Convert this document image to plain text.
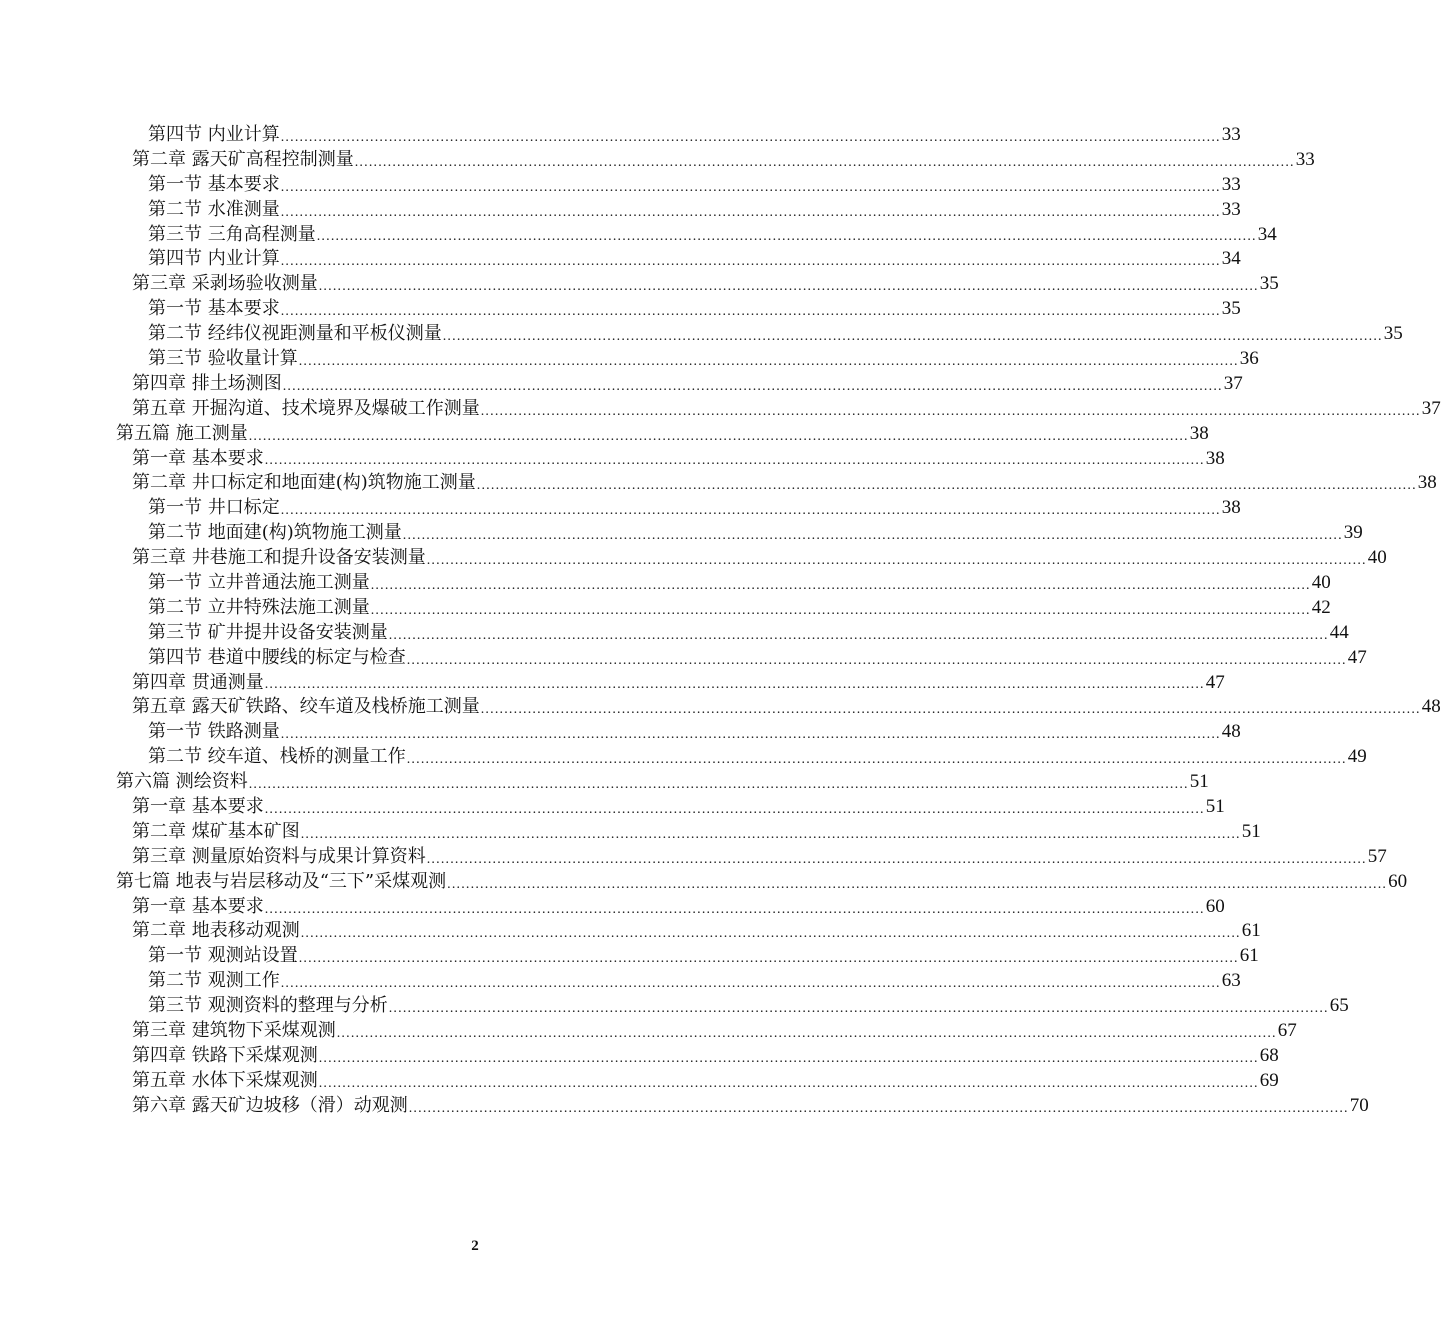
第四节 内业计算 ........................................................................................................................................................................................................ 33
第二章 露天矿高程控制测量 ........................................................................................................................................................................................................ 33
第一节 基本要求 ........................................................................................................................................................................................................ 33
第二节 水准测量 ........................................................................................................................................................................................................ 33
第三节 三角高程测量 ........................................................................................................................................................................................................ 34
第四节 内业计算 ........................................................................................................................................................................................................ 34
第三章 采剥场验收测量 ........................................................................................................................................................................................................ 35
第一节 基本要求 ........................................................................................................................................................................................................ 35
第二节 经纬仪视距测量和平板仪测量 ........................................................................................................................................................................................................ 35
第三节 验收量计算 ........................................................................................................................................................................................................ 36
第四章 排土场测图 ........................................................................................................................................................................................................ 37
第五章 开掘沟道、技术境界及爆破工作测量 ........................................................................................................................................................................................................ 37
第五篇 施工测量 ........................................................................................................................................................................................................ 38
第一章 基本要求 ........................................................................................................................................................................................................ 38
第二章 井口标定和地面建(构)筑物施工测量 ........................................................................................................................................................................................................ 38
第一节 井口标定 ........................................................................................................................................................................................................ 38
第二节 地面建(构)筑物施工测量 ........................................................................................................................................................................................................ 39
第三章 井巷施工和提升设备安装测量 ........................................................................................................................................................................................................ 40
第一节 立井普通法施工测量 ........................................................................................................................................................................................................ 40
第二节 立井特殊法施工测量 ........................................................................................................................................................................................................ 42
第三节 矿井提井设备安装测量 ........................................................................................................................................................................................................ 44
第四节 巷道中腰线的标定与检查 ........................................................................................................................................................................................................ 47
第四章 贯通测量 ........................................................................................................................................................................................................ 47
第五章 露天矿铁路、绞车道及栈桥施工测量 ........................................................................................................................................................................................................ 48
第一节 铁路测量 ........................................................................................................................................................................................................ 48
第二节 绞车道、栈桥的测量工作 ........................................................................................................................................................................................................ 49
第六篇 测绘资料 ........................................................................................................................................................................................................ 51
第一章 基本要求 ........................................................................................................................................................................................................ 51
第二章 煤矿基本矿图 ........................................................................................................................................................................................................ 51
第三章 测量原始资料与成果计算资料 ........................................................................................................................................................................................................ 57
第七篇 地表与岩层移动及“三下”采煤观测 ........................................................................................................................................................................................................ 60
第一章 基本要求 ........................................................................................................................................................................................................ 60
第二章 地表移动观测 ........................................................................................................................................................................................................ 61
第一节 观测站设置 ........................................................................................................................................................................................................ 61
第二节 观测工作 ........................................................................................................................................................................................................ 63
第三节 观测资料的整理与分析 ........................................................................................................................................................................................................ 65
第三章 建筑物下采煤观测 ........................................................................................................................................................................................................ 67
第四章 铁路下采煤观测 ........................................................................................................................................................................................................ 68
第五章 水体下采煤观测 ........................................................................................................................................................................................................ 69
第六章 露天矿边坡移（滑）动观测 ........................................................................................................................................................................................................ 70
2
